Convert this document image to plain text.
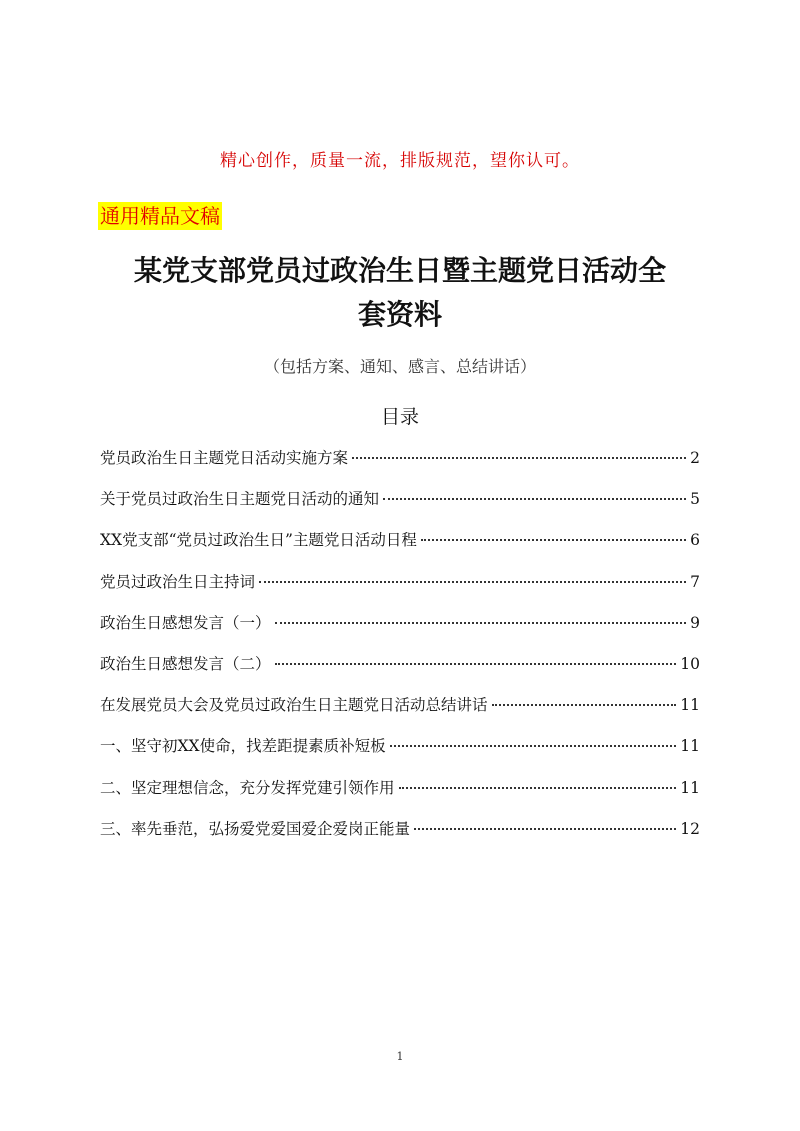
精心创作，质量一流，排版规范，望你认可。
通用精品文稿
某党支部党员过政治生日暨主题党日活动全
套资料
（包括方案、通知、感言、总结讲话）
目录
党员政治生日主题党日活动实施方案	2
关于党员过政治生日主题党日活动的通知	5
XX党支部“党员过政治生日”主题党日活动日程	6
党员过政治生日主持词	7
政治生日感想发言（一）	9
政治生日感想发言（二）	10
在发展党员大会及党员过政治生日主题党日活动总结讲话	11
一、坚守初XX使命，找差距提素质补短板	11
二、坚定理想信念，充分发挥党建引领作用	11
三、率先垂范，弘扬爱党爱国爱企爱岗正能量	12
1
